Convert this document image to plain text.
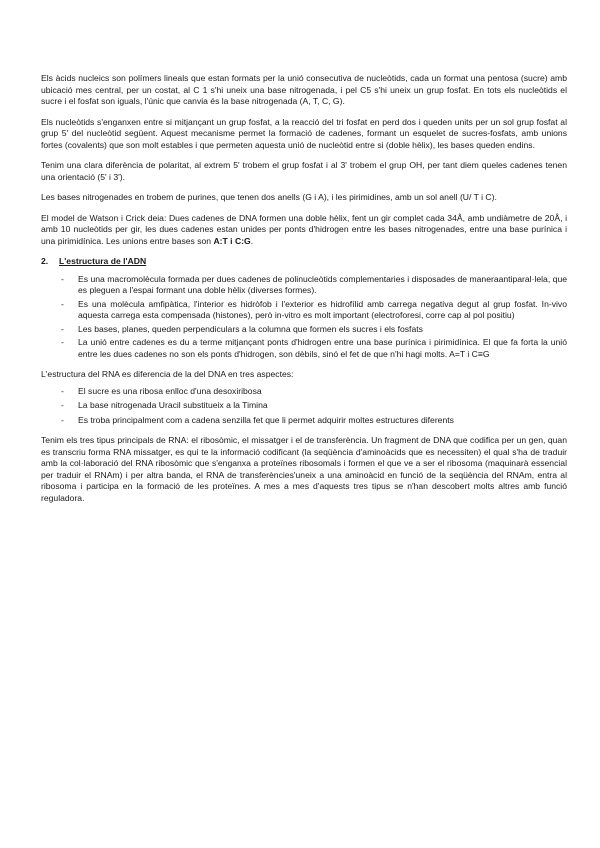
Els àcids nucleics son polímers lineals que estan formats per la unió consecutiva de nucleòtids, cada un format una pentosa (sucre) amb ubicació mes central, per un costat, al C 1 s'hi uneix una base nitrogenada, i pel C5 s'hi uneix un grup fosfat. En tots els nucleòtids el sucre i el fosfat son iguals, l'únic que canvia és la base nitrogenada (A, T, C, G).

Els nucleòtids s'enganxen entre si mitjançant un grup fosfat, a la reacció del tri fosfat en perd dos i queden units per un sol grup fosfat al grup 5' del nucleòtid següent. Aquest mecanisme permet la formació de cadenes, formant un esquelet de sucres-fosfats, amb unions fortes (covalents) que son molt estables i que permeten aquesta unió de nucleòtid entre si (doble hèlix), les bases queden endins.

Tenim una clara diferència de polaritat, al extrem 5' trobem el grup fosfat i al 3' trobem el grup OH, per tant diem queles cadenes tenen una orientació (5' i 3').

Les bases nitrogenades en trobem de purines, que tenen dos anells (G i A), i les pirimidines, amb un sol anell (U/ T i C).

El model de Watson i Crick deia: Dues cadenes de DNA formen una doble hèlix, fent un gir complet cada 34Å, amb undiàmetre de 20Å, i amb 10 nucleòtids per gir, les dues cadenes estan unides per ponts d'hidrogen entre les bases nitrogenades, entre una base purínica i una pirimidínica. Les unions entre bases son A:T i C:G.

2. L'estructura de l'ADN
- Es una macromolècula formada per dues cadenes de polinucleòtids complementaries i disposades de maneraantiparal·lela, que es pleguen a l'espai formant una doble hèlix (diverses formes).
- Es una molècula amfipàtica, l'interior es hidròfob i l'exterior es hidrofílid amb carrega negativa degut al grup fosfat. In-vivo aquesta carrega esta compensada (histones), però in-vitro es molt important (electroforesi, corre cap al pol positiu)
- Les bases, planes, queden perpendiculars a la columna que formen els sucres i els fosfats
- La unió entre cadenes es du a terme mitjançant ponts d'hidrogen entre una base purínica i pirimidínica. El que fa forta la unió entre les dues cadenes no son els ponts d'hidrogen, son dèbils, sinó el fet de que n'hi hagi molts. A=T i C≡G

L'estructura del RNA es diferencia de la del DNA en tres aspectes:

- El sucre es una ribosa enlloc d'una desoxiribosa
- La base nitrogenada Uracil substitueix a la Timina
- Es troba principalment com a cadena senzilla fet que li permet adquirir moltes estructures diferents

Tenim els tres tipus principals de RNA: el ribosòmic, el missatger i el de transferència. Un fragment de DNA que codifica per un gen, quan es transcriu forma RNA missatger, es qui te la informació codificant (la seqüència d'aminoàcids que es necessiten) el qual s'ha de traduir amb la col·laboració del RNA ribosòmic que s'enganxa a proteïnes ribosomals i formen el que ve a ser el ribosoma (maquinarà essencial per traduir el RNAm) i per altra banda, el RNA de transferències'uneix a una aminoàcid en funció de la seqüència del RNAm, entra al ribosoma i participa en la formació de les proteïnes. A mes a mes d'aquests tres tipus se n'han descobert molts altres amb funció reguladora.
